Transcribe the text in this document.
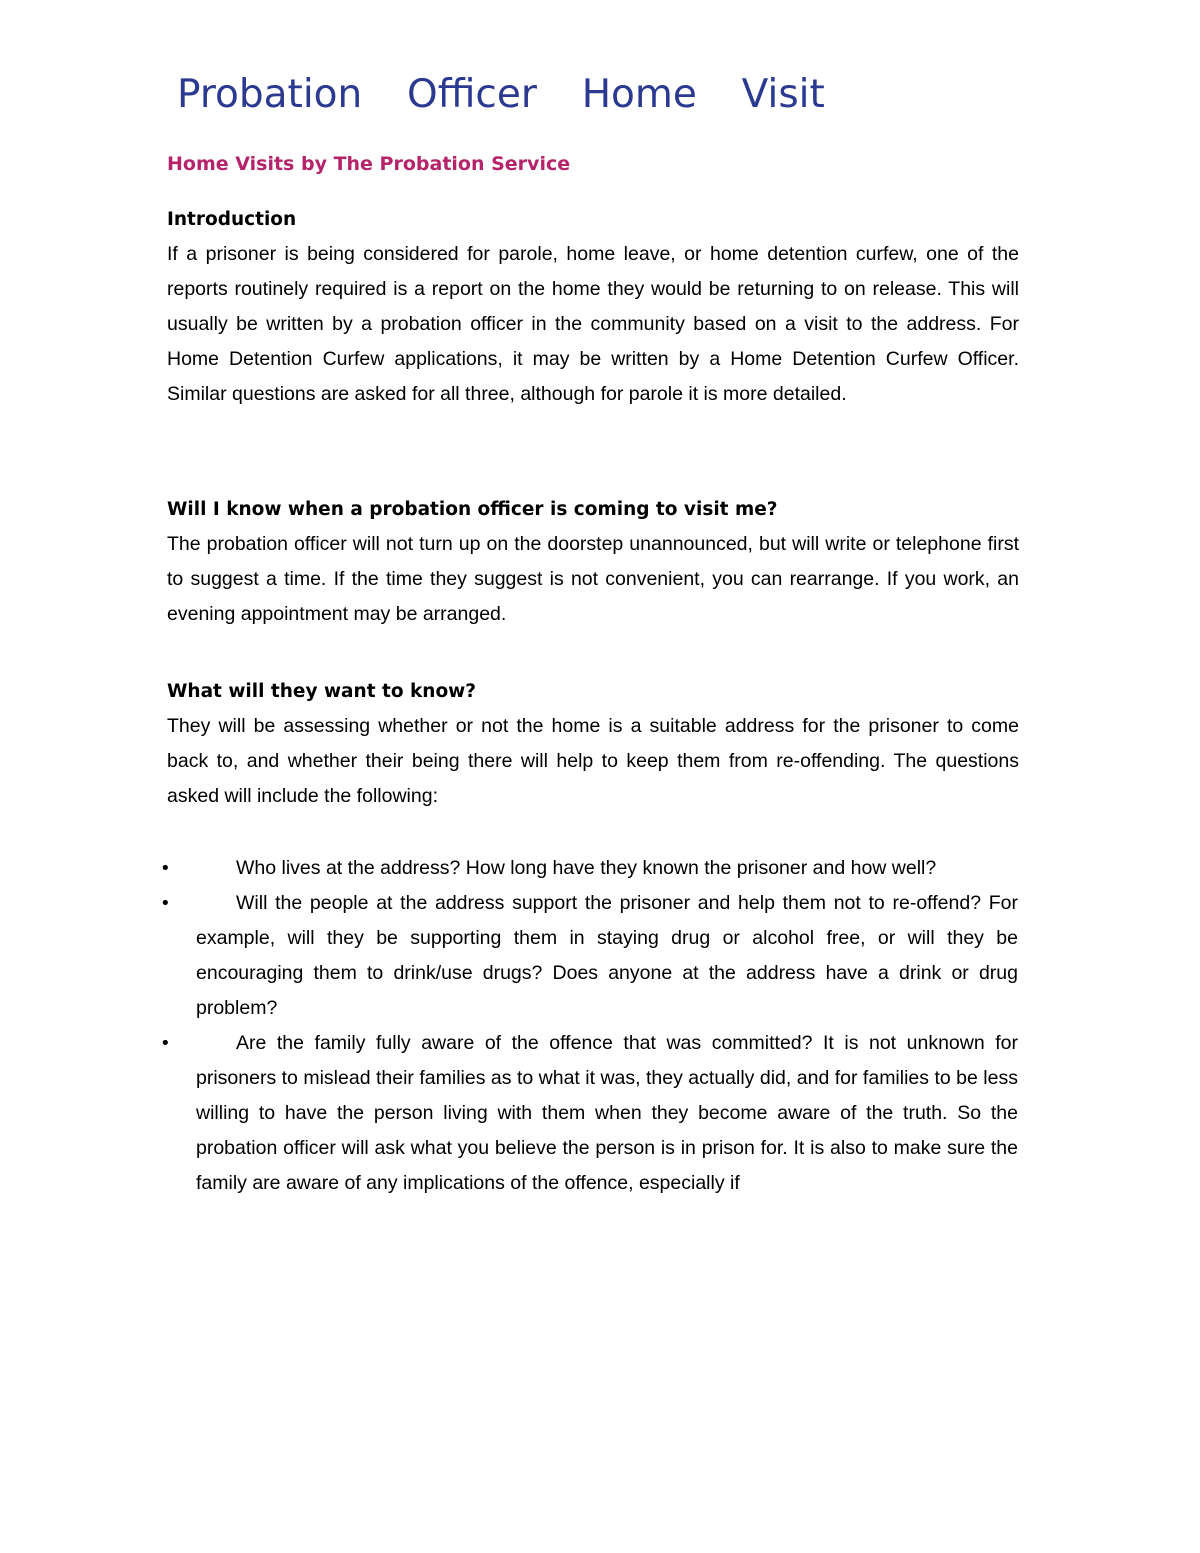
Probation  Officer  Home  Visit
Home Visits by The Probation Service
Introduction

If a prisoner is being considered for parole, home leave, or home detention curfew, one of the reports routinely required is a report on the home they would be returning to on release. This will usually be written by a probation officer in the community based on a visit to the address. For Home Detention Curfew applications, it may be written by a Home Detention Curfew Officer. Similar questions are asked for all three, although for parole it is more detailed.

Will I know when a probation officer is coming to visit me?

The probation officer will not turn up on the doorstep unannounced, but will write or telephone first to suggest a time. If the time they suggest is not convenient, you can rearrange. If you work, an evening appointment may be arranged.

What will they want to know?

They will be assessing whether or not the home is a suitable address for the prisoner to come back to, and whether their being there will help to keep them from re-offending. The questions asked will include the following:

•	Who lives at the address? How long have they known the prisoner and how well?
•	Will the people at the address support the prisoner and help them not to re-offend? For example, will they be supporting them in staying drug or alcohol free, or will they be encouraging them to drink/use drugs? Does anyone at the address have a drink or drug problem?
•	Are the family fully aware of the offence that was committed? It is not unknown for prisoners to mislead their families as to what it was, they actually did, and for families to be less willing to have the person living with them when they become aware of the truth. So the probation officer will ask what you believe the person is in prison for. It is also to make sure the family are aware of any implications of the offence, especially if
